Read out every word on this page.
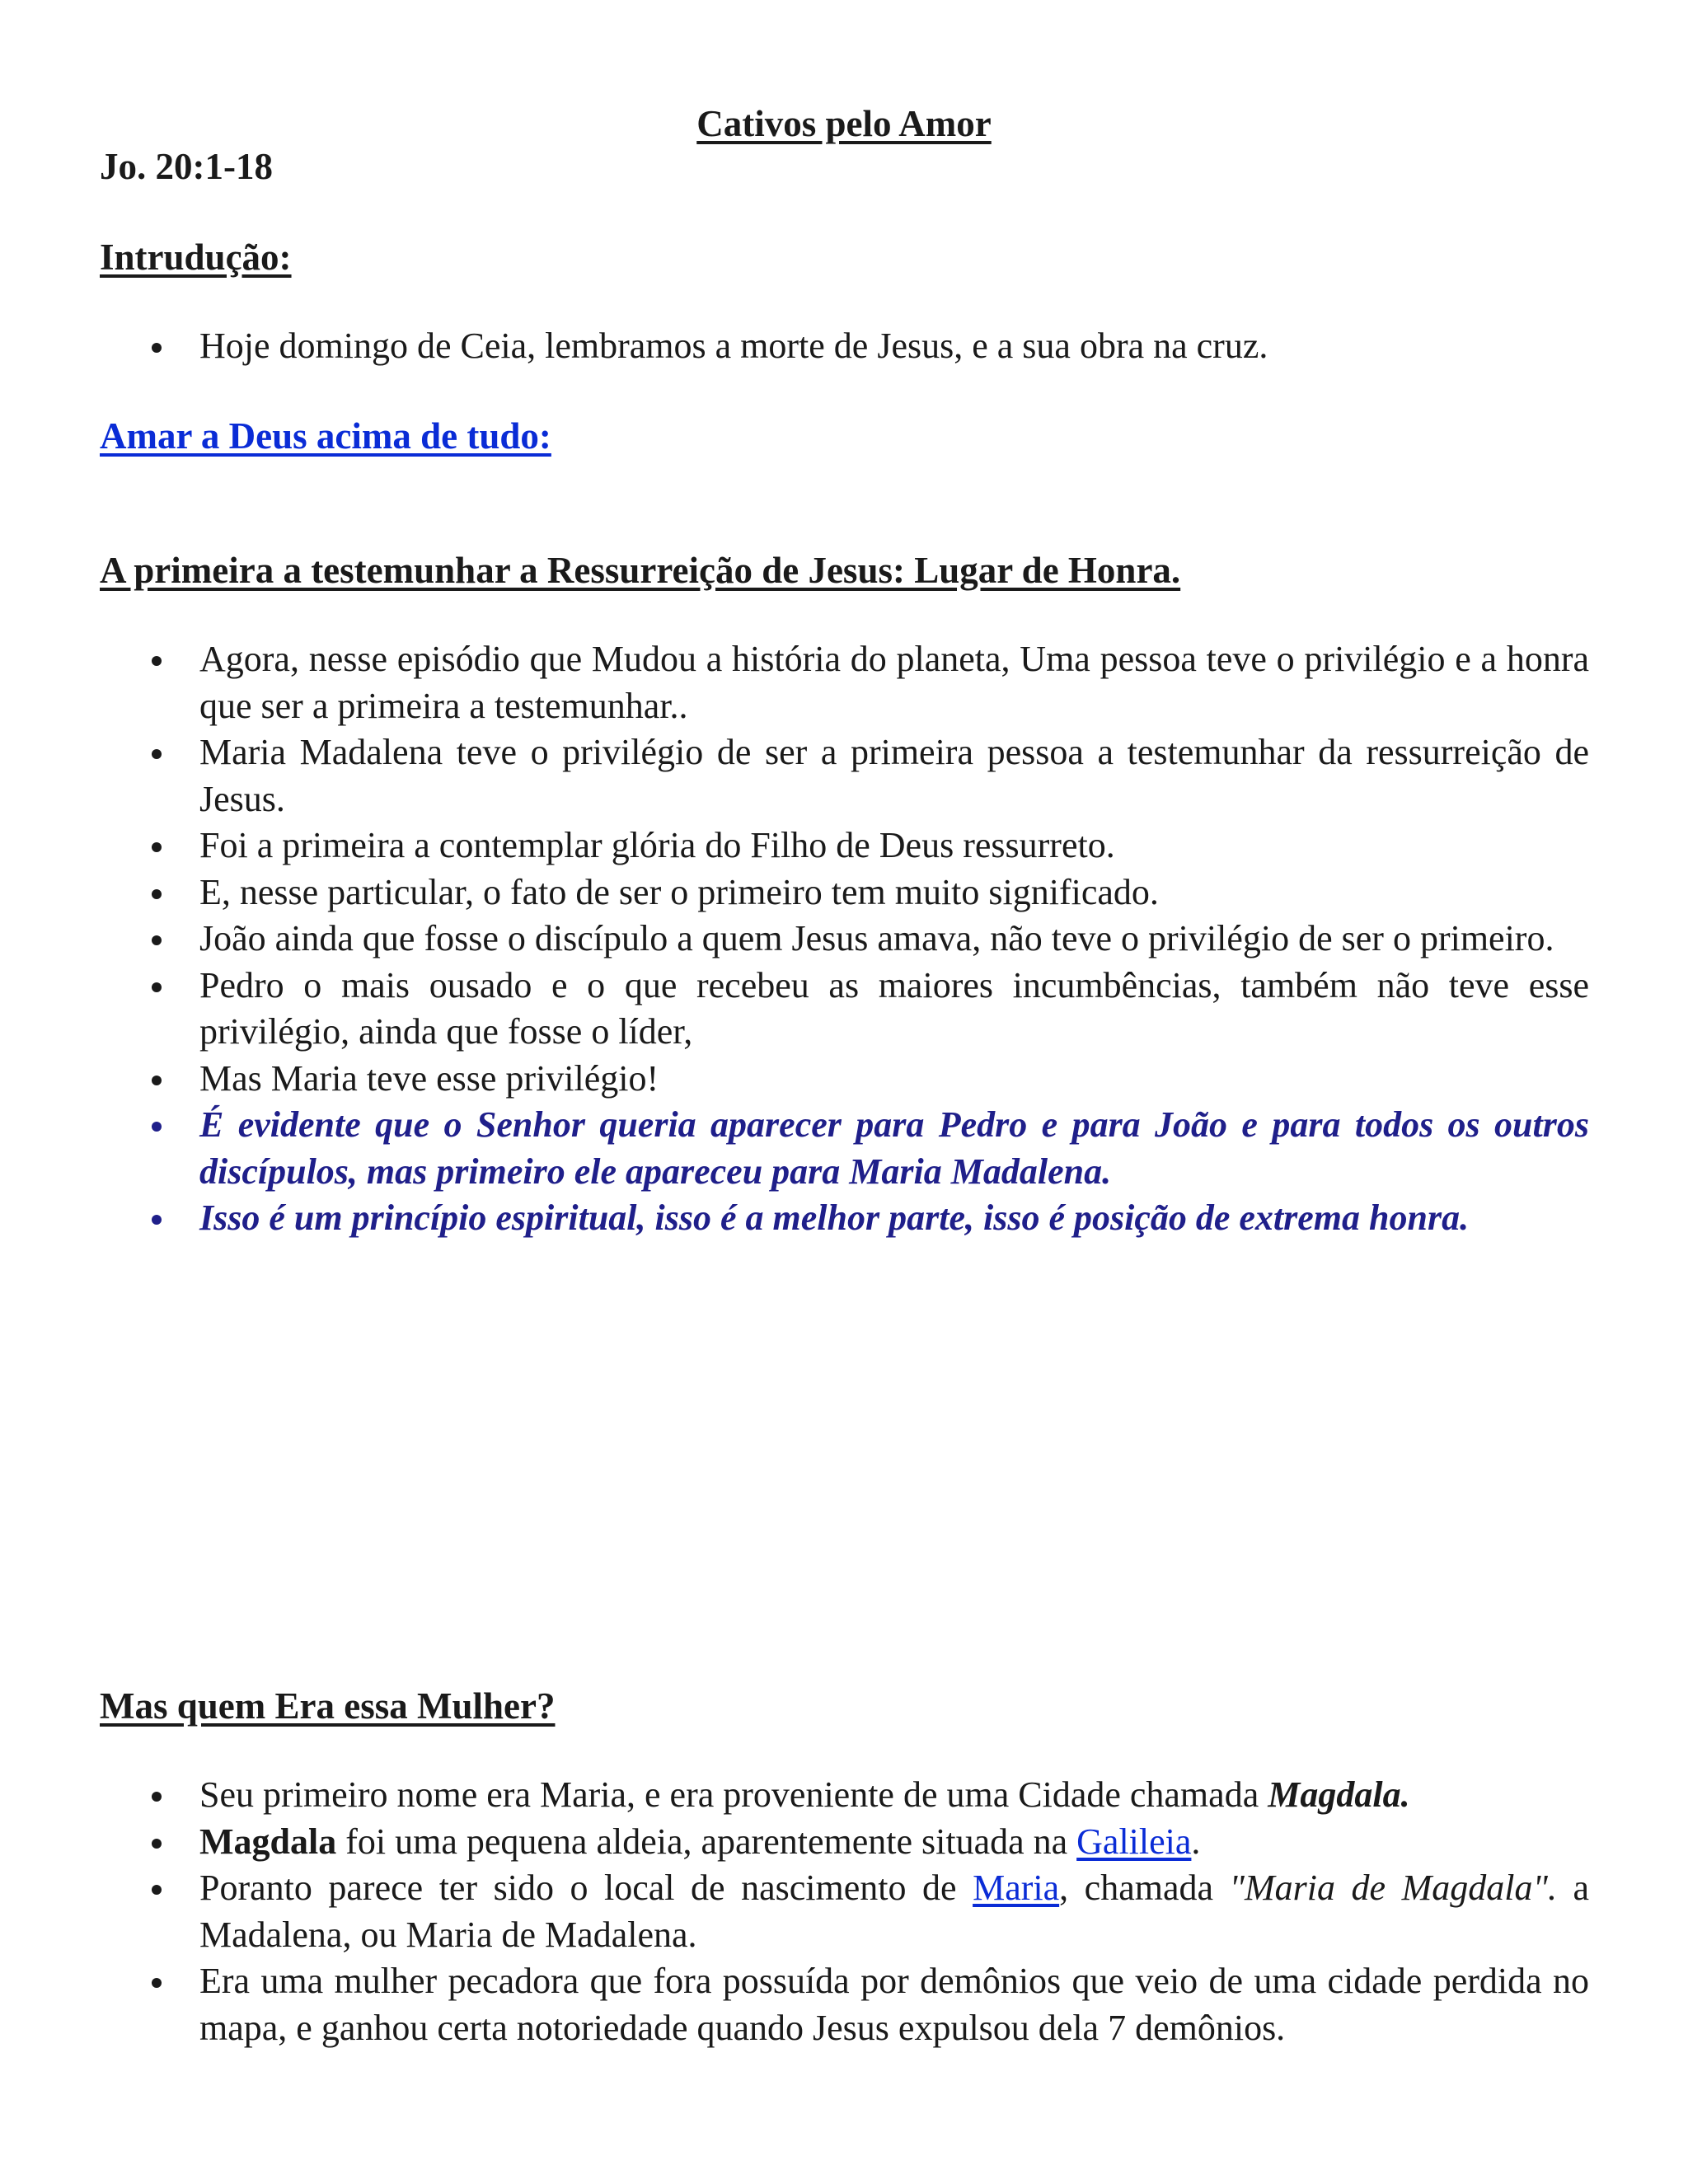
Cativos pelo Amor

Jo. 20:1-18

Intrudução:

Hoje domingo de Ceia, lembramos a morte de Jesus, e a sua obra na cruz.

Amar a Deus acima de tudo:

A primeira a testemunhar a Ressurreição de Jesus: Lugar de Honra.

Agora, nesse episódio que Mudou a história do planeta, Uma pessoa teve o privilégio e a honra que ser a primeira a testemunhar..
Maria Madalena teve o privilégio de ser a primeira pessoa a testemunhar da ressurreição de Jesus.
Foi a primeira a contemplar glória do Filho de Deus ressurreto.
E, nesse particular, o fato de ser o primeiro tem muito significado.
João ainda que fosse o discípulo a quem Jesus amava, não teve o privilégio de ser o primeiro.
Pedro o mais ousado e o que recebeu as maiores incumbências, também não teve esse privilégio, ainda que fosse o líder,
Mas Maria teve esse privilégio!
É evidente que o Senhor queria aparecer para Pedro e para João e para todos os outros discípulos, mas primeiro ele apareceu para Maria Madalena.
Isso é um princípio espiritual, isso é a melhor parte, isso é posição de extrema honra.

Mas quem Era essa Mulher?

Seu primeiro nome era Maria, e era proveniente de uma Cidade chamada Magdala.
Magdala foi uma pequena aldeia, aparentemente situada na Galileia.
Poranto parece ter sido o local de nascimento de Maria, chamada "Maria de Magdala". a Madalena, ou Maria de Madalena.
Era uma mulher pecadora que fora possuída por demônios que veio de uma cidade perdida no mapa, e ganhou certa notoriedade quando Jesus expulsou dela 7 demônios.
